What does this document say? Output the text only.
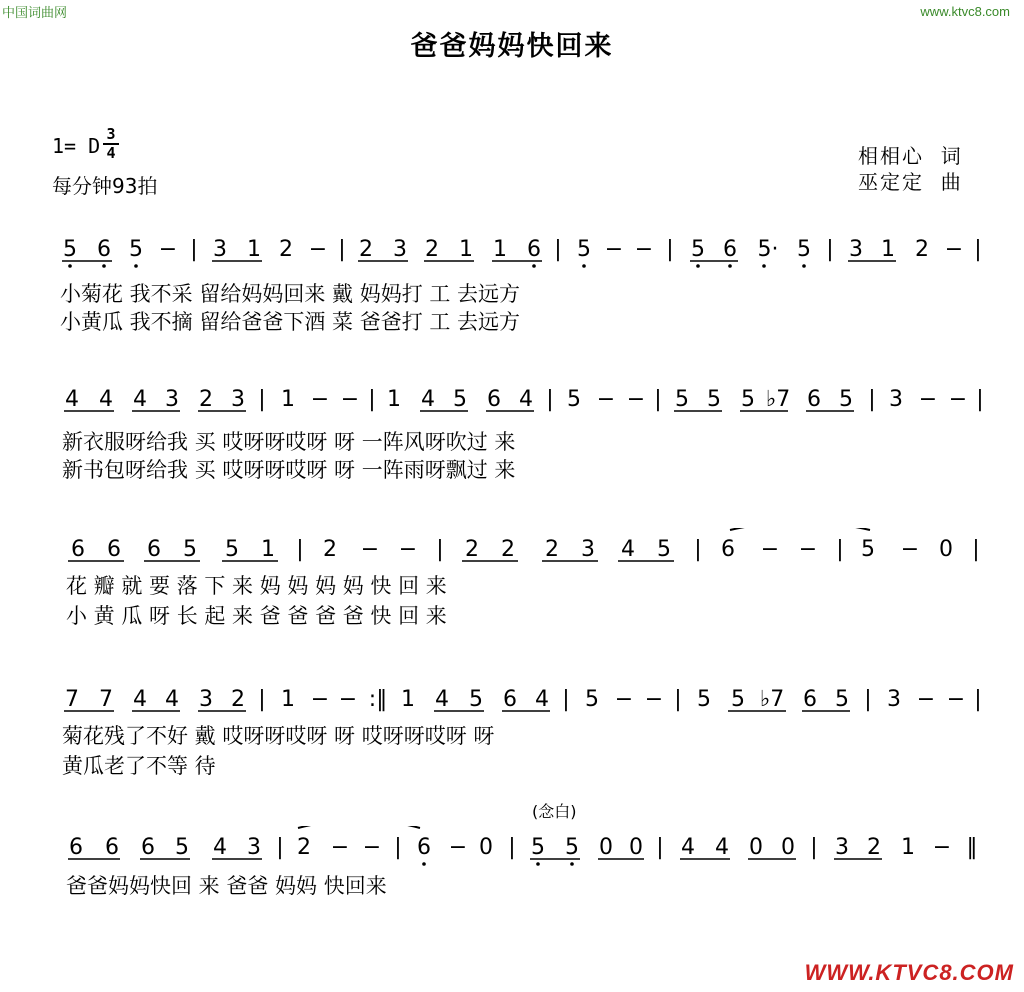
中国词曲网	www.ktvc8.com
爸爸妈妈快回来
1= D 3
4
每分钟93拍
相相心  词
巫定定  曲
5 6 5 − | 3 1 2 − | 2 3 2 1 1 6 | 5 − − | 5 6 5· 5 | 3 1 2 − |
小菊花 我不采 留给妈妈回来 戴 妈妈打 工 去远方
小黄瓜 我不摘 留给爸爸下酒 菜 爸爸打 工 去远方
4 4 4 3 2 3 | 1 − − | 1 4 5 6 4 | 5 − − | 5 5 5 ♭7 6 5 | 3 − − |
新衣服呀给我 买 哎呀呀哎呀 呀 一阵风呀吹过 来
新书包呀给我 买 哎呀呀哎呀 呀 一阵雨呀飘过 来
6 6 6 5 5 1 | 2 − − | 2 2 2 3 4 5 | 6 − − | 5 − 0 |
花 瓣 就 要 落 下 来 妈 妈 妈 妈 快 回 来
小 黄 瓜 呀 长 起 来 爸 爸 爸 爸 快 回 来
7 7 4 4 3 2 | 1 − − :‖ 1 4 5 6 4 | 5 − − | 5 5 ♭7 6 5 | 3 − − |
菊花残了不好 戴 哎呀呀哎呀 呀 哎呀呀哎呀 呀
黄瓜老了不等 待
(念白)
6 6 6 5 4 3 | 2 − − | 6 − 0 | 5 5 0 0 | 4 4 0 0 | 3 2 1 − ‖
爸爸妈妈快回 来 爸爸 妈妈 快回来
WWW.KTVC8.COM
